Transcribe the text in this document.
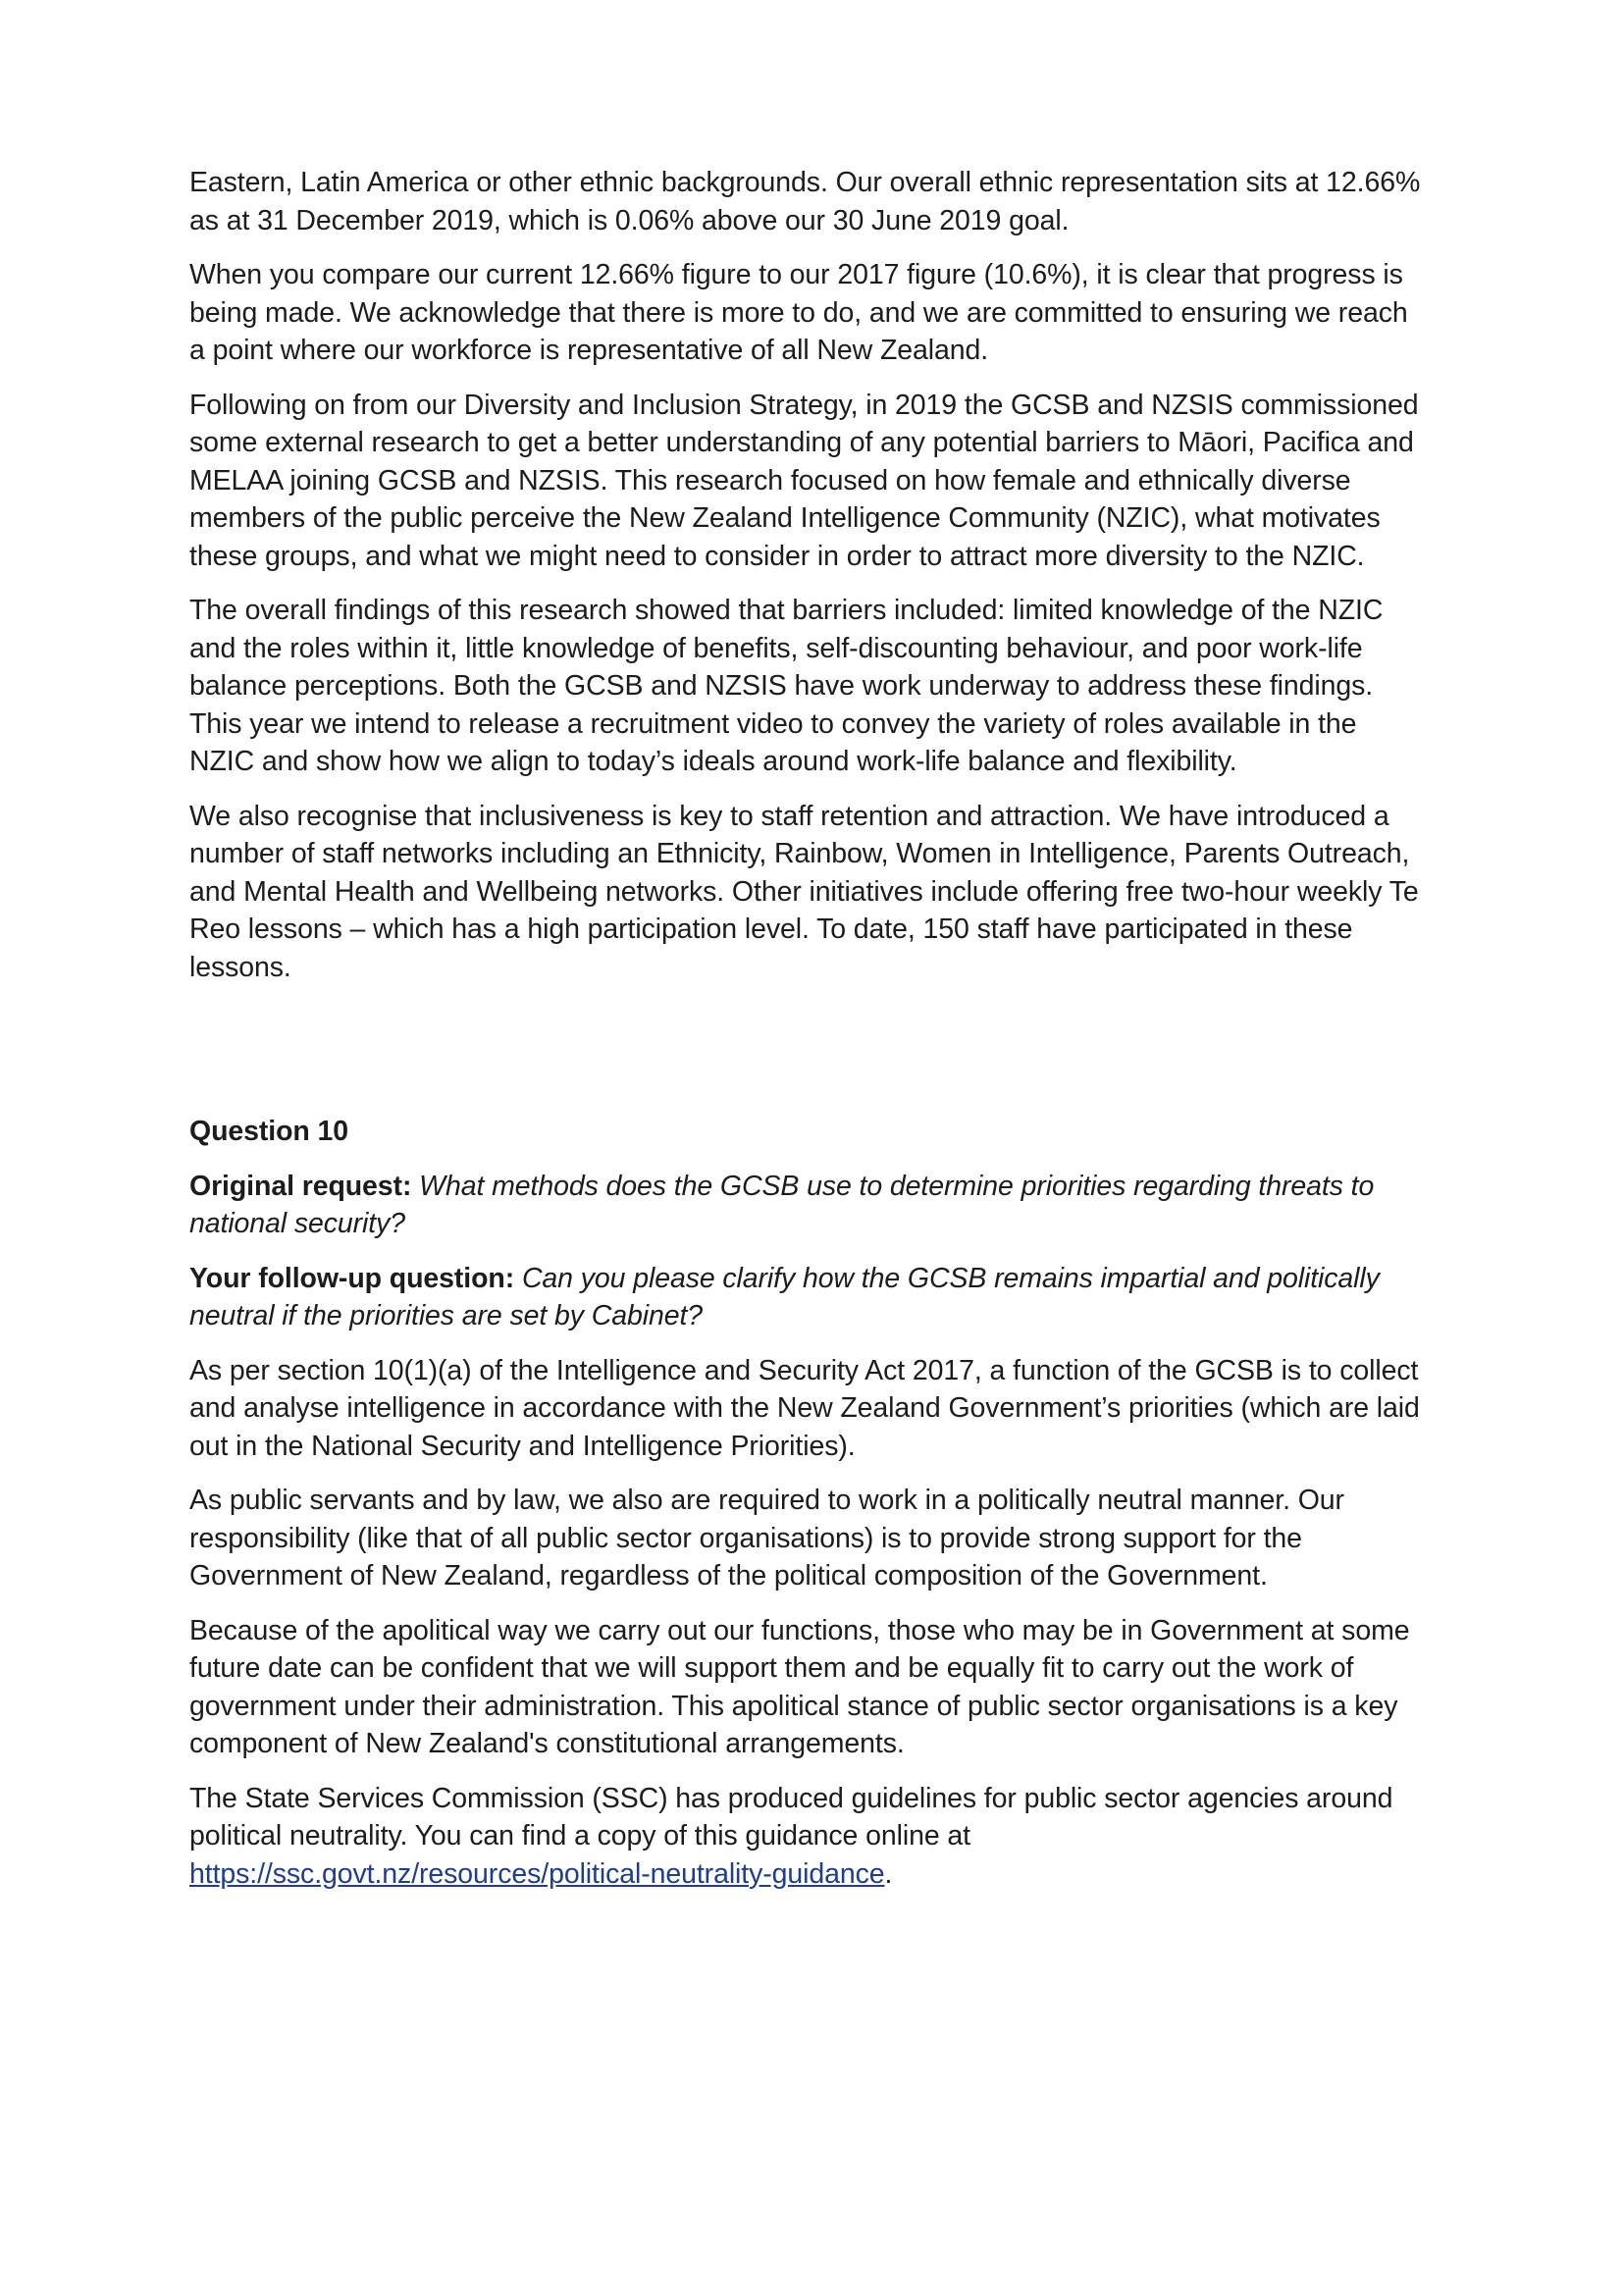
Eastern, Latin America or other ethnic backgrounds. Our overall ethnic representation sits at 12.66% as at 31 December 2019, which is 0.06% above our 30 June 2019 goal.

When you compare our current 12.66% figure to our 2017 figure (10.6%), it is clear that progress is being made. We acknowledge that there is more to do, and we are committed to ensuring we reach a point where our workforce is representative of all New Zealand.

Following on from our Diversity and Inclusion Strategy, in 2019 the GCSB and NZSIS commissioned some external research to get a better understanding of any potential barriers to Māori, Pacifica and MELAA joining GCSB and NZSIS. This research focused on how female and ethnically diverse members of the public perceive the New Zealand Intelligence Community (NZIC), what motivates these groups, and what we might need to consider in order to attract more diversity to the NZIC.

The overall findings of this research showed that barriers included: limited knowledge of the NZIC and the roles within it, little knowledge of benefits, self-discounting behaviour, and poor work-life balance perceptions. Both the GCSB and NZSIS have work underway to address these findings. This year we intend to release a recruitment video to convey the variety of roles available in the NZIC and show how we align to today’s ideals around work-life balance and flexibility.

We also recognise that inclusiveness is key to staff retention and attraction. We have introduced a number of staff networks including an Ethnicity, Rainbow, Women in Intelligence, Parents Outreach, and Mental Health and Wellbeing networks. Other initiatives include offering free two-hour weekly Te Reo lessons – which has a high participation level. To date, 150 staff have participated in these lessons.

Question 10

Original request: What methods does the GCSB use to determine priorities regarding threats to national security?

Your follow-up question: Can you please clarify how the GCSB remains impartial and politically neutral if the priorities are set by Cabinet?

As per section 10(1)(a) of the Intelligence and Security Act 2017, a function of the GCSB is to collect and analyse intelligence in accordance with the New Zealand Government’s priorities (which are laid out in the National Security and Intelligence Priorities).

As public servants and by law, we also are required to work in a politically neutral manner. Our responsibility (like that of all public sector organisations) is to provide strong support for the Government of New Zealand, regardless of the political composition of the Government.

Because of the apolitical way we carry out our functions, those who may be in Government at some future date can be confident that we will support them and be equally fit to carry out the work of government under their administration. This apolitical stance of public sector organisations is a key component of New Zealand's constitutional arrangements.

The State Services Commission (SSC) has produced guidelines for public sector agencies around political neutrality. You can find a copy of this guidance online at https://ssc.govt.nz/resources/political-neutrality-guidance.
